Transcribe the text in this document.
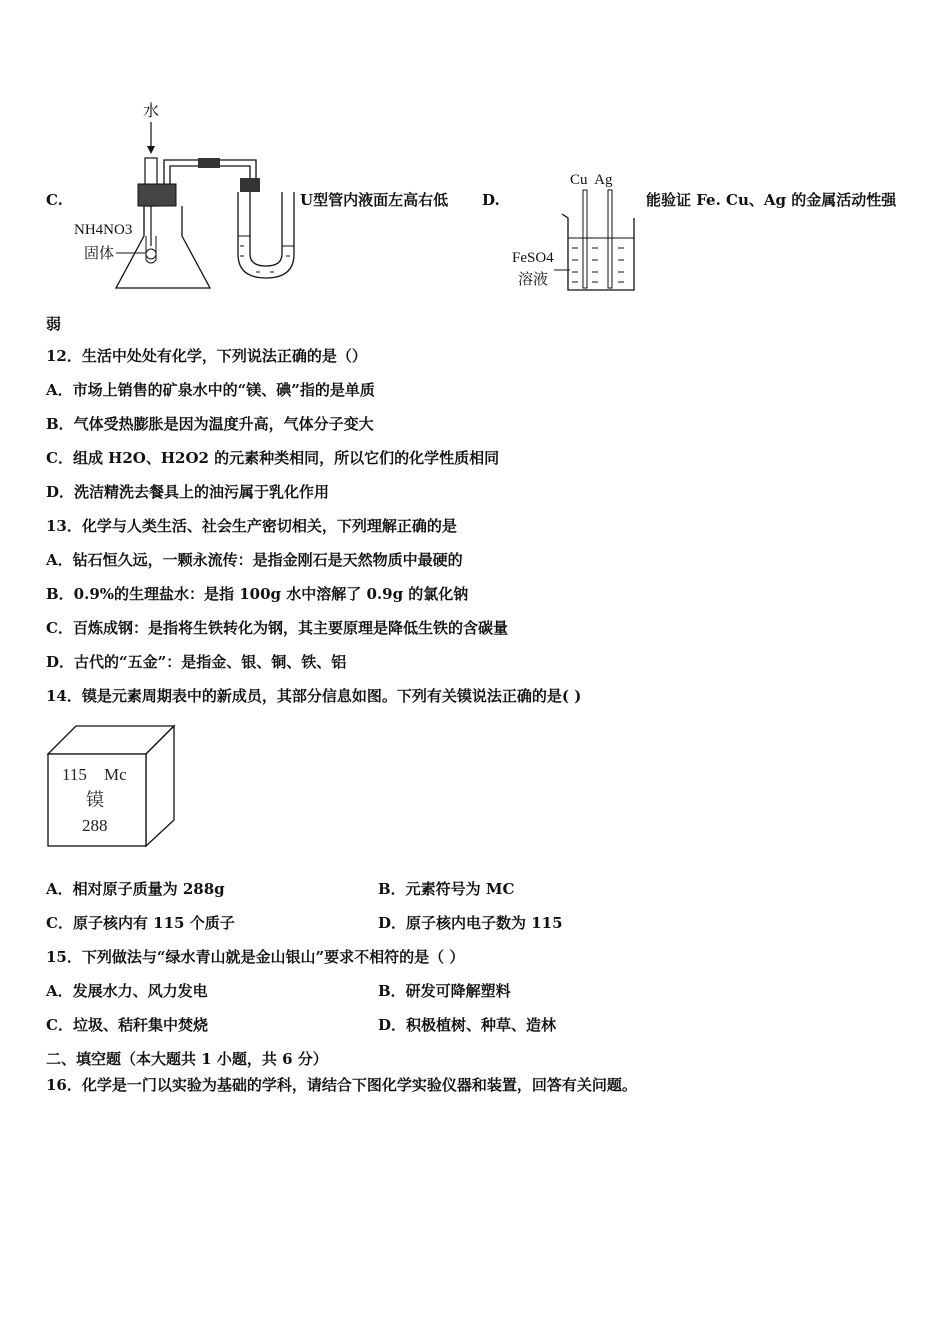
C.
水
NH4NO3
固体
U型管内液面左高右低 D.
Cu  Ag
FeSO4
溶液
能验证 Fe. Cu、Ag 的金属活动性强
弱
12．生活中处处有化学，下列说法正确的是（）
A．市场上销售的矿泉水中的“镁、碘”指的是单质
B．气体受热膨胀是因为温度升高，气体分子变大
C．组成 H2O、H2O2 的元素种类相同，所以它们的化学性质相同
D．洗洁精洗去餐具上的油污属于乳化作用
13．化学与人类生活、社会生产密切相关，下列理解正确的是
A．钻石恒久远，一颗永流传：是指金刚石是天然物质中最硬的
B．0.9%的生理盐水：是指 100g 水中溶解了 0.9g 的氯化钠
C．百炼成钢：是指将生铁转化为钢，其主要原理是降低生铁的含碳量
D．古代的“五金”：是指金、银、铜、铁、铝
14．镆是元素周期表中的新成员，其部分信息如图。下列有关镆说法正确的是( )
115 Mc
镆
288
A．相对原子质量为 288g	B．元素符号为 MC
C．原子核内有 115 个质子	D．原子核内电子数为 115
15．下列做法与“绿水青山就是金山银山”要求不相符的是（ ）
A．发展水力、风力发电	B．研发可降解塑料
C．垃圾、秸秆集中焚烧	D．积极植树、种草、造林
二、填空题（本大题共 1 小题，共 6 分）
16．化学是一门以实验为基础的学科，请结合下图化学实验仪器和装置，回答有关问题。
